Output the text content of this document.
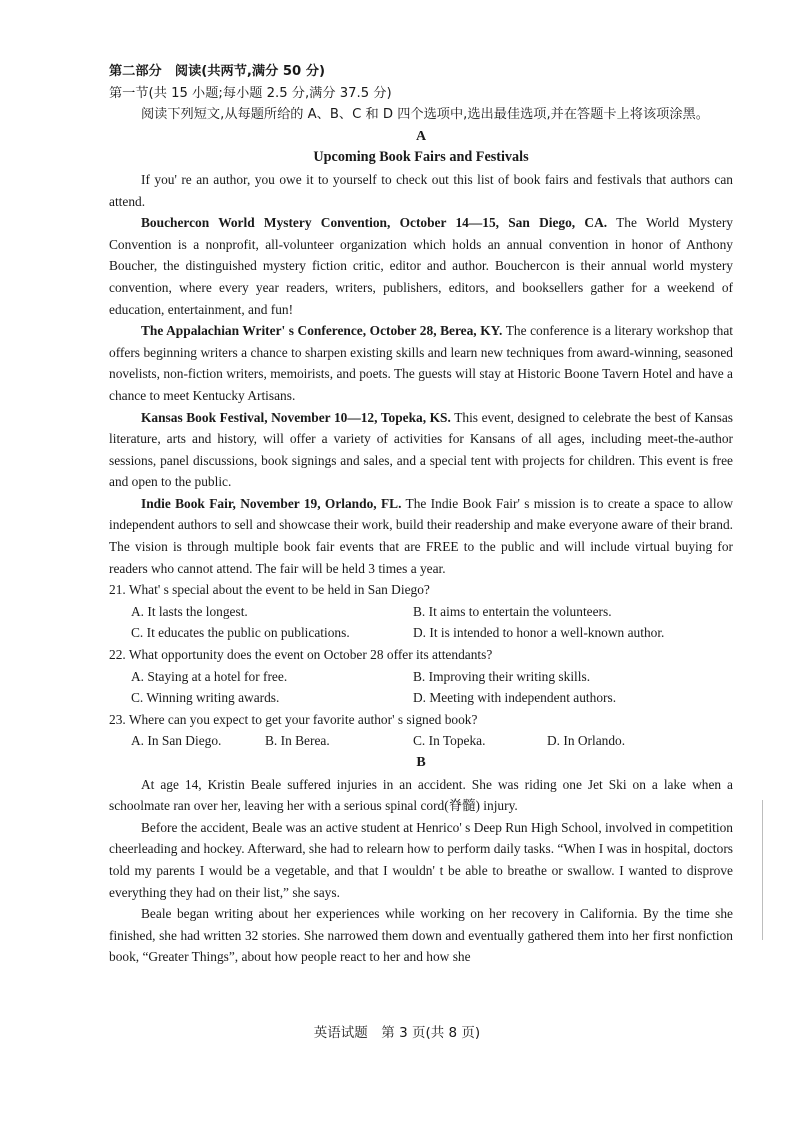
第二部分　阅读(共两节,满分 50 分)

第一节(共 15 小题;每小题 2.5 分,满分 37.5 分)

阅读下列短文,从每题所给的 A、B、C 和 D 四个选项中,选出最佳选项,并在答题卡上将该项涂黑。

A

Upcoming Book Fairs and Festivals

If you' re an author, you owe it to yourself to check out this list of book fairs and festivals that authors can attend.

Bouchercon World Mystery Convention, October 14—15, San Diego, CA. The World Mystery Convention is a nonprofit, all-volunteer organization which holds an annual convention in honor of Anthony Boucher, the distinguished mystery fiction critic, editor and author. Bouchercon is their annual world mystery convention, where every year readers, writers, publishers, editors, and booksellers gather for a weekend of education, entertainment, and fun!

The Appalachian Writer' s Conference, October 28, Berea, KY. The conference is a literary workshop that offers beginning writers a chance to sharpen existing skills and learn new techniques from award-winning, seasoned novelists, non-fiction writers, memoirists, and poets. The guests will stay at Historic Boone Tavern Hotel and have a chance to meet Kentucky Artisans.

Kansas Book Festival, November 10—12, Topeka, KS. This event, designed to celebrate the best of Kansas literature, arts and history, will offer a variety of activities for Kansans of all ages, including meet-the-author sessions, panel discussions, book signings and sales, and a special tent with projects for children. This event is free and open to the public.

Indie Book Fair, November 19, Orlando, FL. The Indie Book Fair' s mission is to create a space to allow independent authors to sell and showcase their work, build their readership and make everyone aware of their brand. The vision is through multiple book fair events that are FREE to the public and will include virtual buying for readers who cannot attend. The fair will be held 3 times a year.

21. What' s special about the event to be held in San Diego?

A. It lasts the longest.	B. It aims to entertain the volunteers.
C. It educates the public on publications.	D. It is intended to honor a well-known author.

22. What opportunity does the event on October 28 offer its attendants?

A. Staying at a hotel for free.	B. Improving their writing skills.
C. Winning writing awards.	D. Meeting with independent authors.

23. Where can you expect to get your favorite author' s signed book?

A. In San Diego.	B. In Berea.	C. In Topeka.	D. In Orlando.

B

At age 14, Kristin Beale suffered injuries in an accident. She was riding one Jet Ski on a lake when a schoolmate ran over her, leaving her with a serious spinal cord(脊髓) injury.

Before the accident, Beale was an active student at Henrico' s Deep Run High School, involved in competition cheerleading and hockey. Afterward, she had to relearn how to perform daily tasks. “When I was in hospital, doctors told my parents I would be a vegetable, and that I wouldn' t be able to breathe or swallow. I wanted to disprove everything they had on their list,” she says.

Beale began writing about her experiences while working on her recovery in California. By the time she finished, she had written 32 stories. She narrowed them down and eventually gathered them into her first nonfiction book, “Greater Things”, about how people react to her and how she

英语试题　第 3 页(共 8 页)
